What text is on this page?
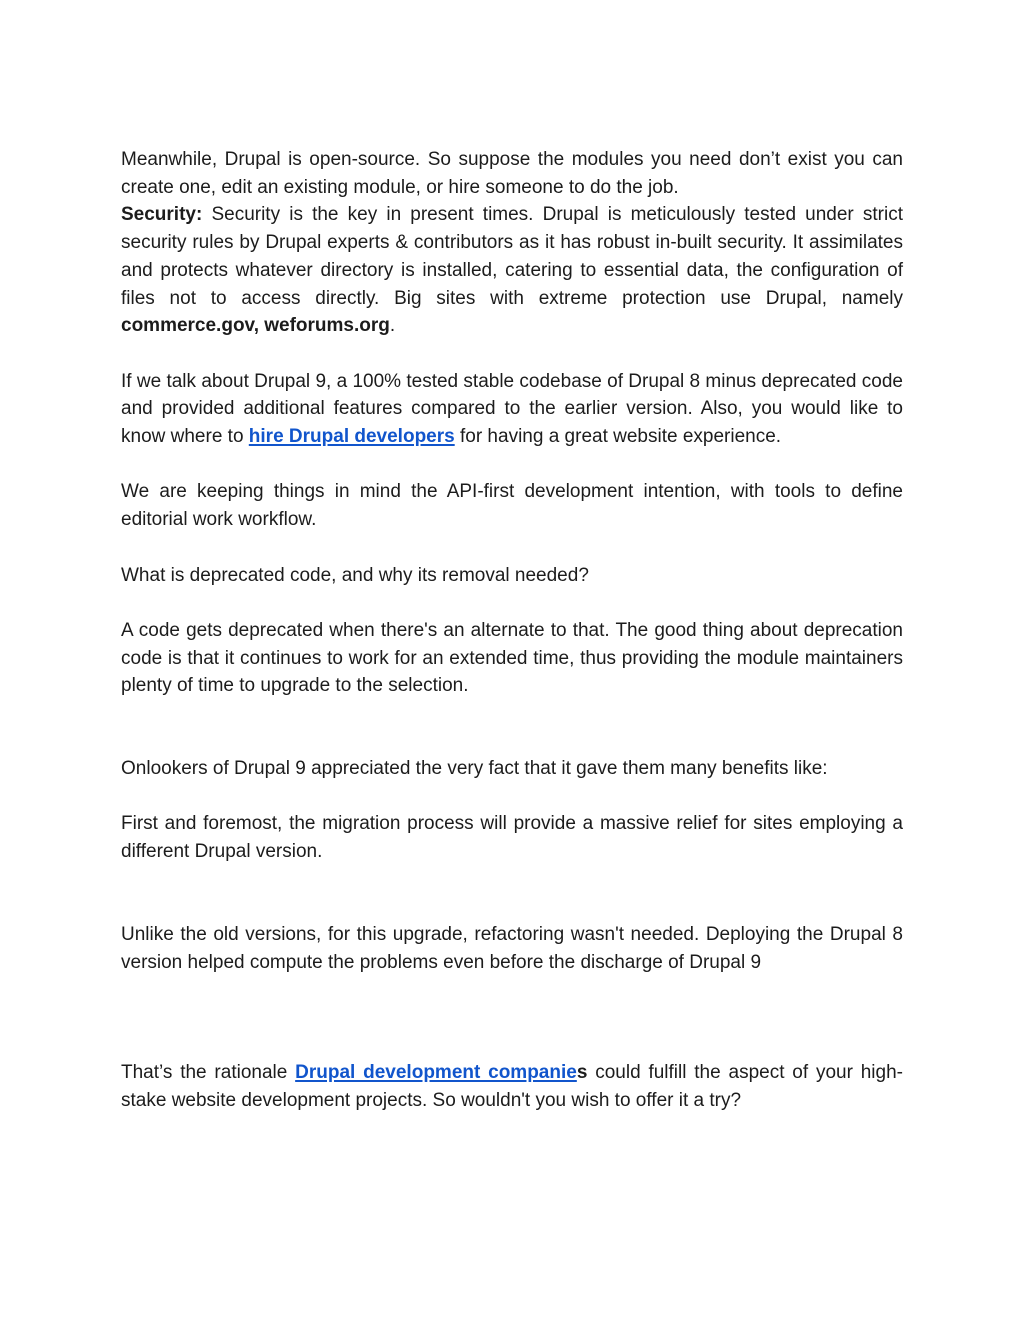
Meanwhile, Drupal is open-source. So suppose the modules you need don’t exist you can create one, edit an existing module, or hire someone to do the job.
Security: Security is the key in present times. Drupal is meticulously tested under strict security rules by Drupal experts & contributors as it has robust in-built security. It assimilates and protects whatever directory is installed, catering to essential data, the configuration of files not to access directly. Big sites with extreme protection use Drupal, namely commerce.gov, weforums.org.

If we talk about Drupal 9, a 100% tested stable codebase of Drupal 8 minus deprecated code and provided additional features compared to the earlier version. Also, you would like to know where to hire Drupal developers for having a great website experience.

We are keeping things in mind the API-first development intention, with tools to define editorial work workflow.

What is deprecated code, and why its removal needed?

A code gets deprecated when there's an alternate to that. The good thing about deprecation code is that it continues to work for an extended time, thus providing the module maintainers plenty of time to upgrade to the selection.

Onlookers of Drupal 9 appreciated the very fact that it gave them many benefits like:

First and foremost, the migration process will provide a massive relief for sites employing a different Drupal version.

Unlike the old versions, for this upgrade, refactoring wasn't needed. Deploying the Drupal 8 version helped compute the problems even before the discharge of Drupal 9

That’s the rationale Drupal development companies could fulfill the aspect of your high-stake website development projects. So wouldn't you wish to offer it a try?
